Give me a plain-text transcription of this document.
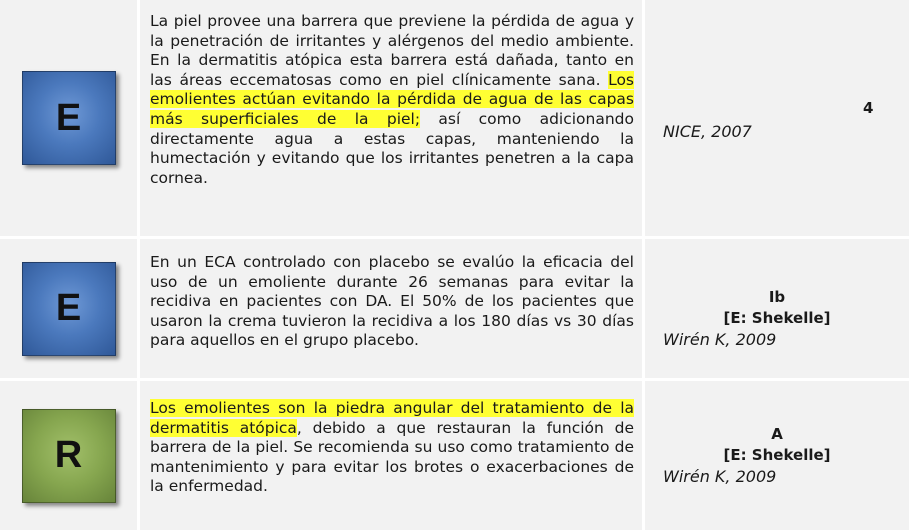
E

La piel provee una barrera que previene la pérdida de agua y la penetración de irritantes y alérgenos del medio ambiente. En la dermatitis atópica esta barrera está dañada, tanto en las áreas eccematosas como en piel clínicamente sana. Los emolientes actúan evitando la pérdida de agua de las capas más superficiales de la piel; así como adicionando directamente agua a estas capas, manteniendo la humectación y evitando que los irritantes penetren a la capa cornea.

4

NICE, 2007

E

En un ECA controlado con placebo se evalúo la eficacia del uso de un emoliente durante 26 semanas para evitar la recidiva en pacientes con DA. El 50% de los pacientes que usaron la crema tuvieron la recidiva a los 180 días vs 30 días para aquellos en el grupo placebo.

Ib

[E: Shekelle]

Wirén K, 2009

R

Los emolientes son la piedra angular del tratamiento de la dermatitis atópica, debido a que restauran la función de barrera de la piel. Se recomienda su uso como tratamiento de mantenimiento y para evitar los brotes o exacerbaciones de la enfermedad.

A

[E: Shekelle]

Wirén K, 2009
